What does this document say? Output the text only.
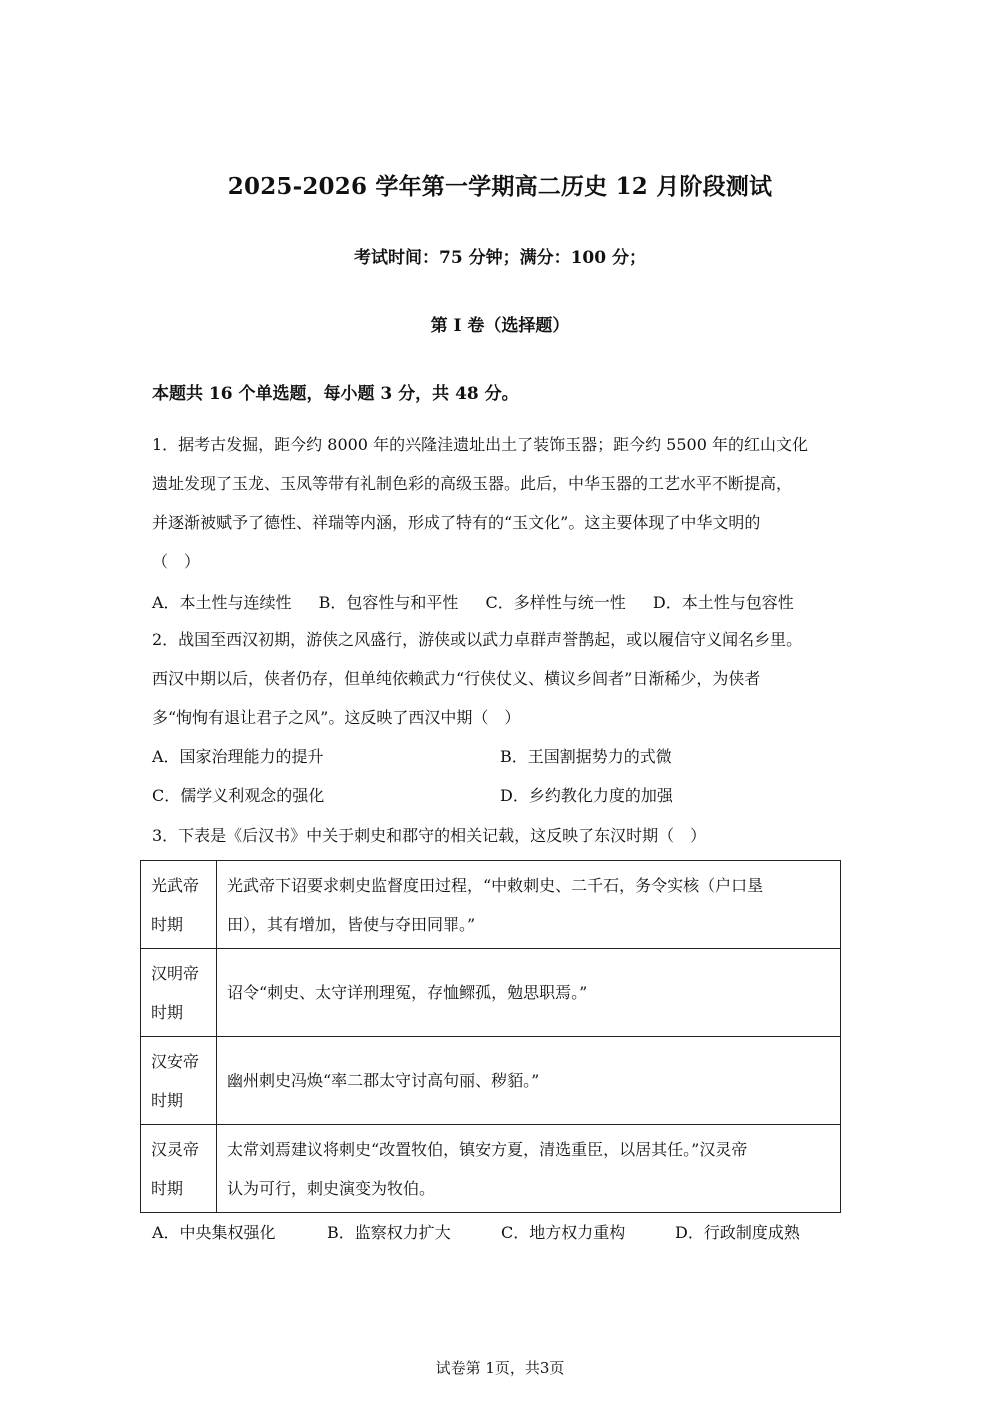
2025-2026 学年第一学期高二历史 12 月阶段测试
考试时间：75 分钟；满分：100 分；
第 I 卷（选择题）
本题共 16 个单选题，每小题 3 分，共 48 分。
1．据考古发掘，距今约 8000 年的兴隆洼遗址出土了装饰玉器；距今约 5500 年的红山文化
遗址发现了玉龙、玉凤等带有礼制色彩的高级玉器。此后，中华玉器的工艺水平不断提高，
并逐渐被赋予了德性、祥瑞等内涵，形成了特有的“玉文化”。这主要体现了中华文明的
（　）
A．本土性与连续性 B．包容性与和平性 C．多样性与统一性 D．本土性与包容性
2．战国至西汉初期，游侠之风盛行，游侠或以武力卓群声誉鹊起，或以履信守义闻名乡里。
西汉中期以后，侠者仍存，但单纯依赖武力“行侠仗义、横议乡闾者”日渐稀少，为侠者
多“恂恂有退让君子之风”。这反映了西汉中期（　）
A．国家治理能力的提升	B．王国割据势力的式微
C．儒学义利观念的强化	D．乡约教化力度的加强
3．下表是《后汉书》中关于刺史和郡守的相关记载，这反映了东汉时期（　）
光武帝
时期	光武帝下诏要求刺史监督度田过程，“中敕刺史、二千石，务令实核（户口垦
田），其有增加，皆使与夺田同罪。”

汉明帝
时期	诏令“刺史、太守详刑理冤，存恤鳏孤，勉思职焉。”

汉安帝
时期	幽州刺史冯焕“率二郡太守讨高句丽、秽貊。”

汉灵帝
时期	太常刘焉建议将刺史“改置牧伯，镇安方夏，清选重臣，以居其任。”汉灵帝
认为可行，刺史演变为牧伯。
A．中央集权强化	B．监察权力扩大	C．地方权力重构	D．行政制度成熟
试卷第 1页，共3页
